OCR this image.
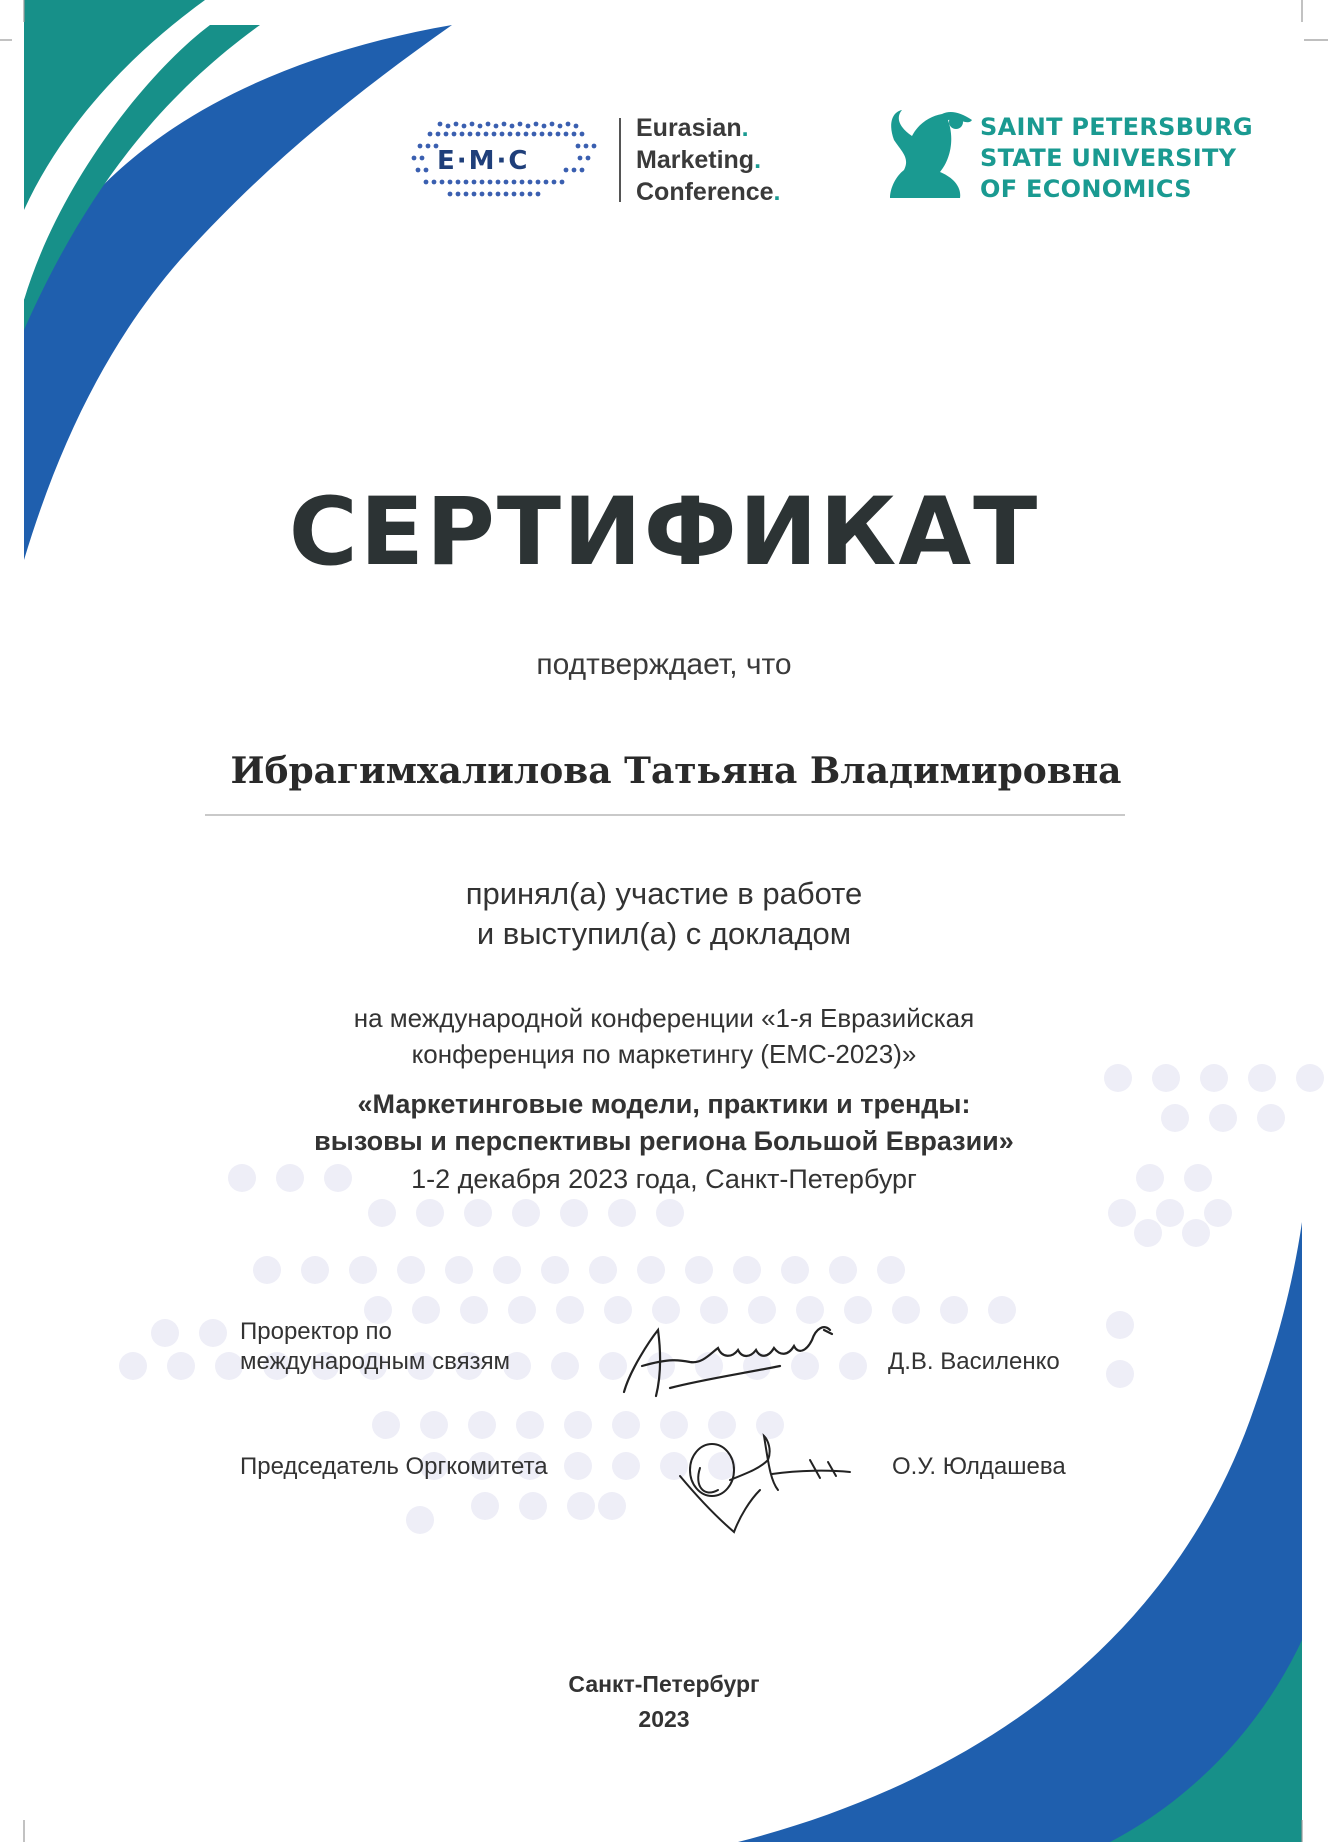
E·M·C
Eurasian.
Marketing.
Conference.
SAINT PETERSBURG
STATE UNIVERSITY
OF ECONOMICS
СЕРТИФИКАТ
подтверждает, что
Ибрагимхалилова Татьяна Владимировна
принял(а) участие в работе
и выступил(а) с докладом
на международной конференции «1-я Евразийская
конференция по маркетингу (ЕМС-2023)»
«Маркетинговые модели, практики и тренды:
вызовы и перспективы региона Большой Евразии»
1-2 декабря 2023 года, Санкт-Петербург
Проректор по
международным связям	Д.В. Василенко
Председатель Оргкомитета	О.У. Юлдашева
Санкт-Петербург
2023
